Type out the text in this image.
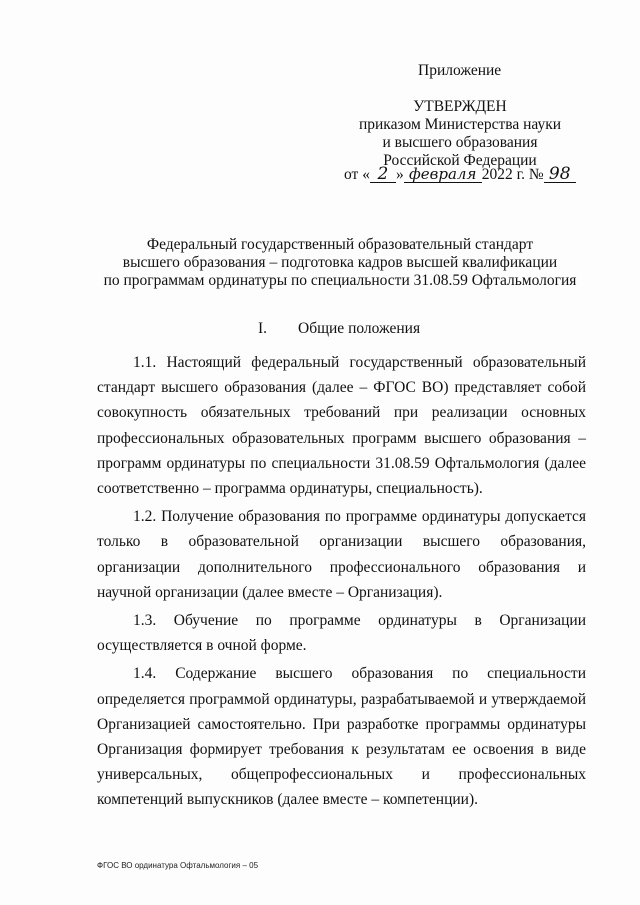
Приложение
УТВЕРЖДЕН
приказом Министерства науки
и высшего образования
Российской Федерации
от « 2 » февраля 2022 г. № 98
Федеральный государственный образовательный стандарт
высшего образования – подготовка кадров высшей квалификации
по программам ординатуры по специальности 31.08.59 Офтальмология
I. Общие положения

1.1. Настоящий федеральный государственный образовательный стандарт высшего образования (далее – ФГОС ВО) представляет собой совокупность обязательных требований при реализации основных профессиональных образовательных программ высшего образования – программ ординатуры по специальности 31.08.59 Офтальмология (далее соответственно – программа ординатуры, специальность).

1.2. Получение образования по программе ординатуры допускается только в образовательной организации высшего образования, организации дополнительного профессионального образования и научной организации (далее вместе – Организация).

1.3. Обучение по программе ординатуры в Организации осуществляется в очной форме.

1.4. Содержание высшего образования по специальности определяется программой ординатуры, разрабатываемой и утверждаемой Организацией самостоятельно. При разработке программы ординатуры Организация формирует требования к результатам ее освоения в виде универсальных, общепрофессиональных и профессиональных компетенций выпускников (далее вместе – компетенции).

ФГОС ВО ординатура Офтальмология – 05
